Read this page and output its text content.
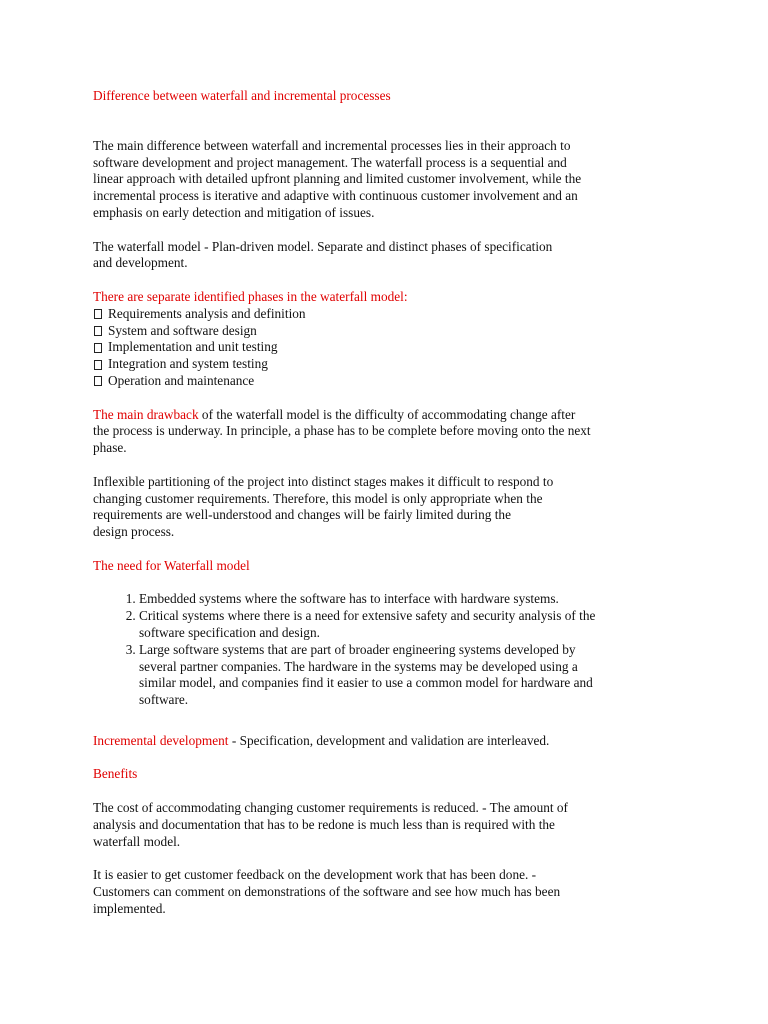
Difference between waterfall and incremental processes

The main difference between waterfall and incremental processes lies in their approach to
software development and project management. The waterfall process is a sequential and
linear approach with detailed upfront planning and limited customer involvement, while the
incremental process is iterative and adaptive with continuous customer involvement and an
emphasis on early detection and mitigation of issues.

The waterfall model - Plan-driven model. Separate and distinct phases of specification
and development.

There are separate identified phases in the waterfall model:

Requirements analysis and definition
System and software design
Implementation and unit testing
Integration and system testing
Operation and maintenance

The main drawback of the waterfall model is the difficulty of accommodating change after
the process is underway. In principle, a phase has to be complete before moving onto the next
phase.

Inflexible partitioning of the project into distinct stages makes it difficult to respond to
changing customer requirements. Therefore, this model is only appropriate when the
requirements are well-understood and changes will be fairly limited during the
design process.

The need for Waterfall model

1. Embedded systems where the software has to interface with hardware systems.
2. Critical systems where there is a need for extensive safety and security analysis of the
software specification and design.
3. Large software systems that are part of broader engineering systems developed by
several partner companies. The hardware in the systems may be developed using a
similar model, and companies find it easier to use a common model for hardware and
software.

Incremental development - Specification, development and validation are interleaved.

Benefits

The cost of accommodating changing customer requirements is reduced. - The amount of
analysis and documentation that has to be redone is much less than is required with the
waterfall model.

It is easier to get customer feedback on the development work that has been done. -
Customers can comment on demonstrations of the software and see how much has been
implemented.
